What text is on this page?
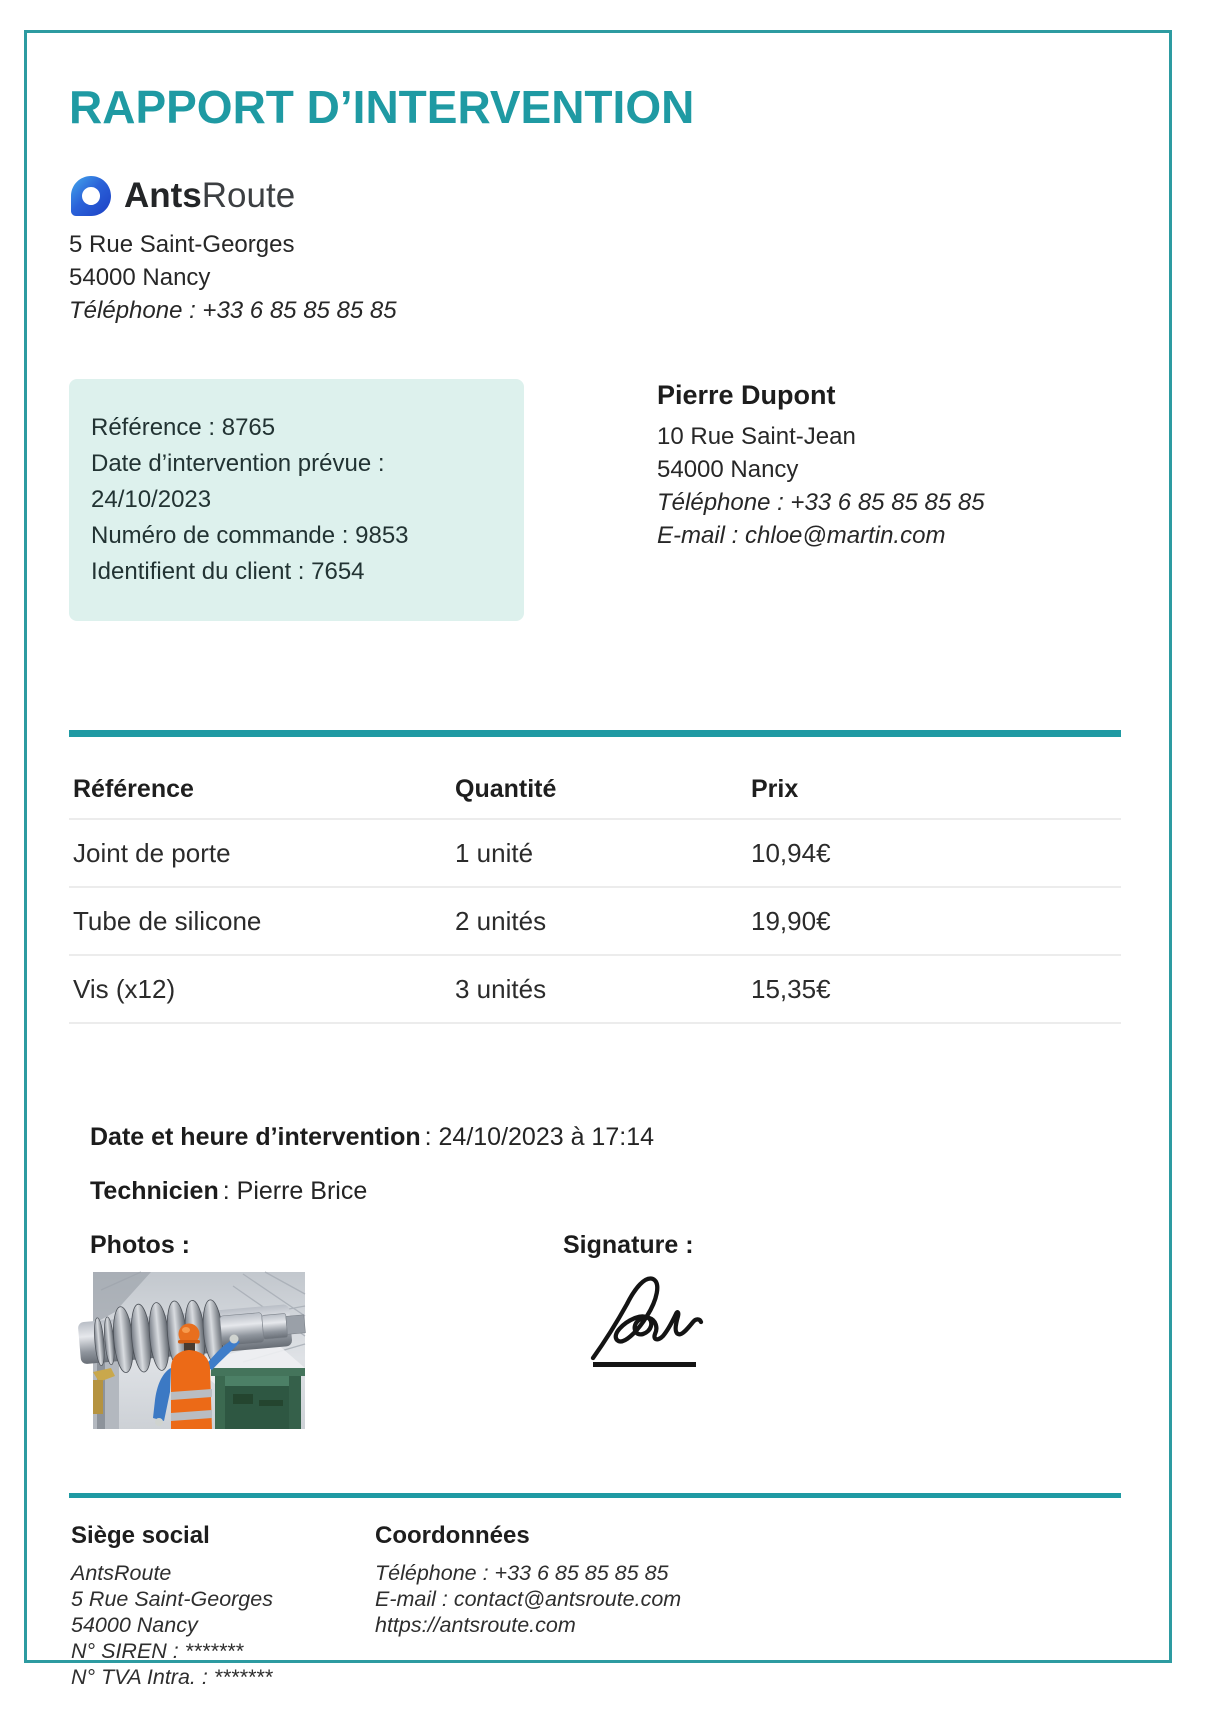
RAPPORT D’INTERVENTION
AntsRoute
5 Rue Saint-Georges
54000 Nancy
Téléphone : +33 6 85 85 85 85
Référence : 8765
Date d’intervention prévue : 24/10/2023
Numéro de commande : 9853
Identifient du client : 7654
Pierre Dupont
10 Rue Saint-Jean
54000 Nancy
Téléphone : +33 6 85 85 85 85
E-mail : chloe@martin.com
Référence	Quantité	Prix
Joint de porte	1 unité	10,94€
Tube de silicone	2 unités	19,90€
Vis (x12)	3 unités	15,35€
Date et heure d’intervention : 24/10/2023 à 17:14
Technicien : Pierre Brice
Photos :	Signature :
Siège social
AntsRoute
5 Rue Saint-Georges
54000 Nancy
N° SIREN : *******
N° TVA Intra. : *******
Coordonnées
Téléphone : +33 6 85 85 85 85
E-mail : contact@antsroute.com
https://antsroute.com
